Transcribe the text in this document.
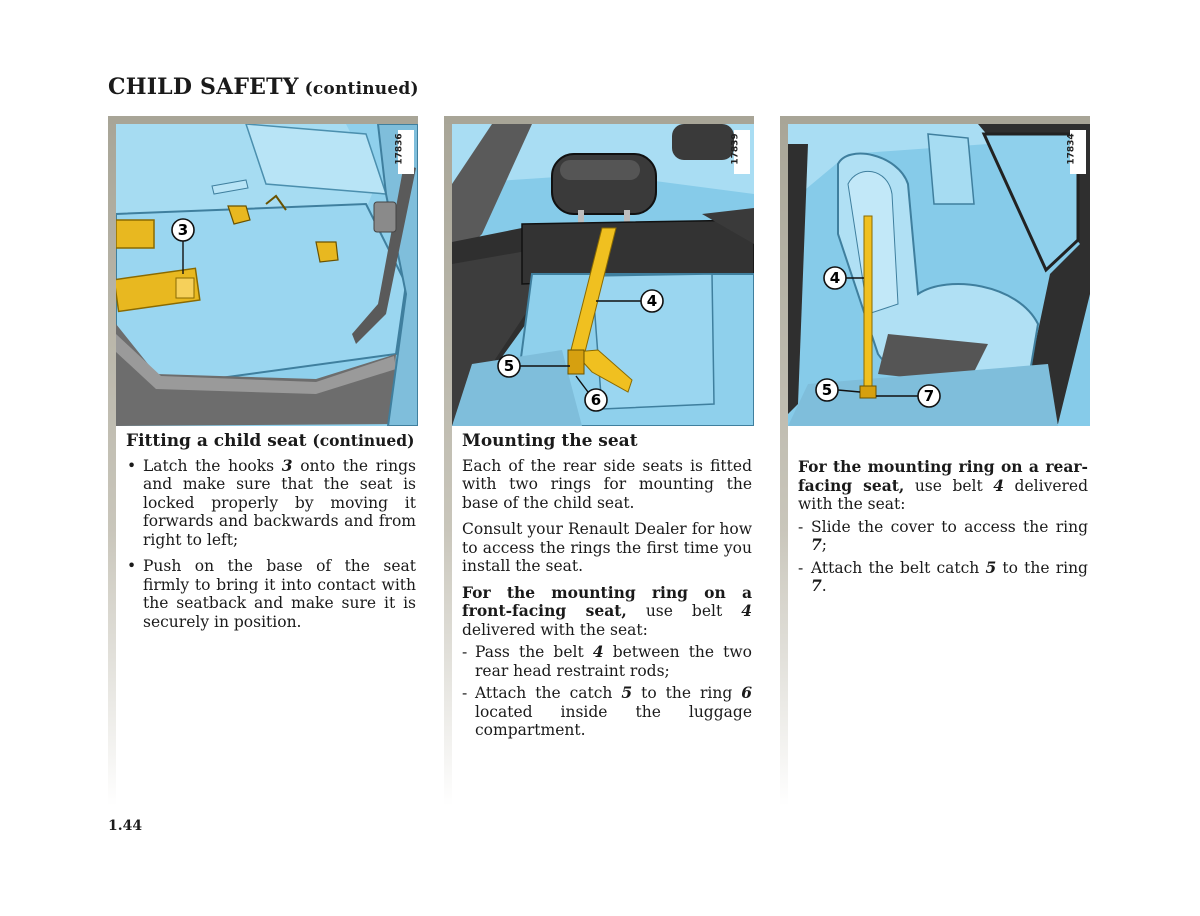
CHILD SAFETY (continued)
3
17836
Fitting a child seat (continued)
• Latch the hooks 3 onto the rings and make sure that the seat is locked properly by moving it forwards and backwards and from right to left;
• Push on the base of the seat firmly to bring it into contact with the seatback and make sure it is securely in position.
4
5
6
17839
Mounting the seat

Each of the rear side seats is fitted with two rings for mounting the base of the child seat.

Consult your Renault Dealer for how to access the rings the first time you install the seat.

For the mounting ring on a front-facing seat, use belt 4 delivered with the seat:

- Pass the belt 4 between the two rear head restraint rods;
- Attach the catch 5 to the ring 6 located inside the luggage compartment.
4
5	7
17834

For the mounting ring on a rear-facing seat, use belt 4 delivered with the seat:

- Slide the cover to access the ring 7;
- Attach the belt catch 5 to the ring 7.
1.44
